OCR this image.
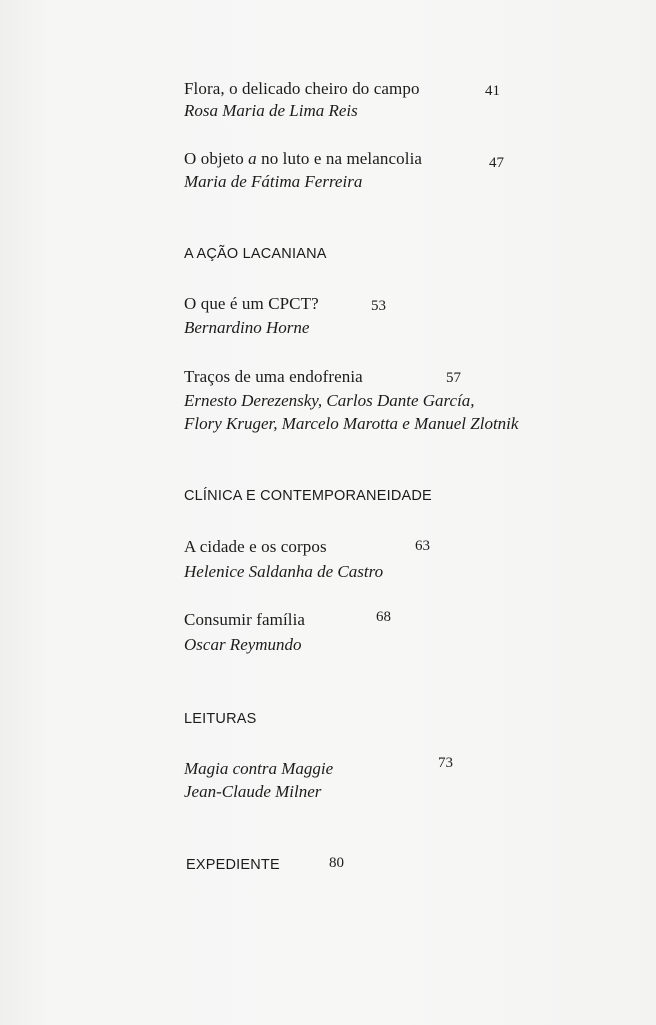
Flora, o delicado cheiro do campo	41
Rosa Maria de Lima Reis
O objeto a no luto e na melancolia	47
Maria de Fátima Ferreira
A AÇÃO LACANIANA
O que é um CPCT?	53
Bernardino Horne
Traços de uma endofrenia	57
Ernesto Derezensky, Carlos Dante García,
Flory Kruger, Marcelo Marotta e Manuel Zlotnik
CLÍNICA E CONTEMPORANEIDADE
A cidade e os corpos	63
Helenice Saldanha de Castro
Consumir família	68
Oscar Reymundo
LEITURAS
Magia contra Maggie	73
Jean-Claude Milner
EXPEDIENTE	80
